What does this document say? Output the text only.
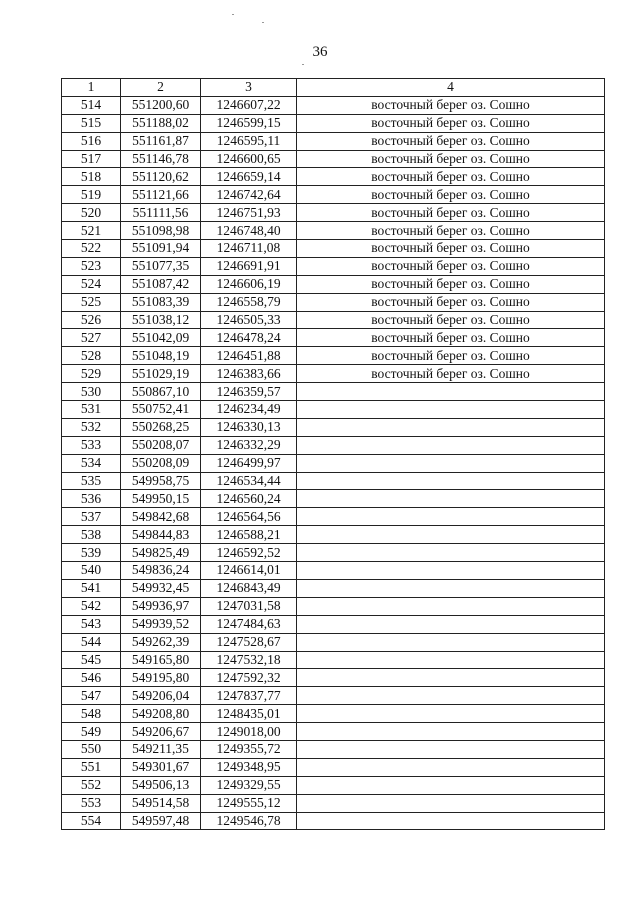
36
1	2	3	4
514	551200,60	1246607,22	восточный берег оз. Сошно
515	551188,02	1246599,15	восточный берег оз. Сошно
516	551161,87	1246595,11	восточный берег оз. Сошно
517	551146,78	1246600,65	восточный берег оз. Сошно
518	551120,62	1246659,14	восточный берег оз. Сошно
519	551121,66	1246742,64	восточный берег оз. Сошно
520	551111,56	1246751,93	восточный берег оз. Сошно
521	551098,98	1246748,40	восточный берег оз. Сошно
522	551091,94	1246711,08	восточный берег оз. Сошно
523	551077,35	1246691,91	восточный берег оз. Сошно
524	551087,42	1246606,19	восточный берег оз. Сошно
525	551083,39	1246558,79	восточный берег оз. Сошно
526	551038,12	1246505,33	восточный берег оз. Сошно
527	551042,09	1246478,24	восточный берег оз. Сошно
528	551048,19	1246451,88	восточный берег оз. Сошно
529	551029,19	1246383,66	восточный берег оз. Сошно
530	550867,10	1246359,57	
531	550752,41	1246234,49	
532	550268,25	1246330,13	
533	550208,07	1246332,29	
534	550208,09	1246499,97	
535	549958,75	1246534,44	
536	549950,15	1246560,24	
537	549842,68	1246564,56	
538	549844,83	1246588,21	
539	549825,49	1246592,52	
540	549836,24	1246614,01	
541	549932,45	1246843,49	
542	549936,97	1247031,58	
543	549939,52	1247484,63	
544	549262,39	1247528,67	
545	549165,80	1247532,18	
546	549195,80	1247592,32	
547	549206,04	1247837,77	
548	549208,80	1248435,01	
549	549206,67	1249018,00	
550	549211,35	1249355,72	
551	549301,67	1249348,95	
552	549506,13	1249329,55	
553	549514,58	1249555,12	
554	549597,48	1249546,78	
